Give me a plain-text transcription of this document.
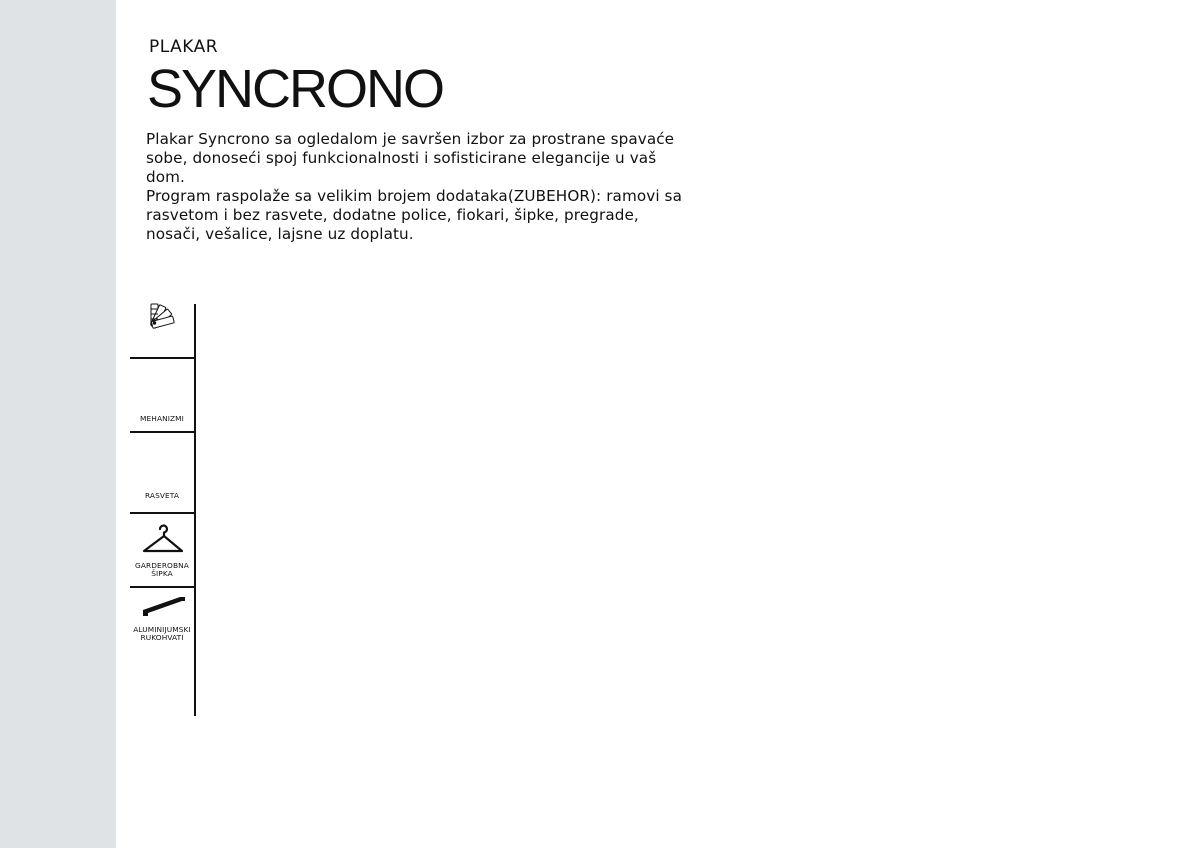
PLAKAR
SYNCRONO

Plakar Syncrono sa ogledalom je savršen izbor za prostrane spavaće sobe, donoseći spoj funkcionalnosti i sofisticirane elegancije u vaš dom.

Program raspolaže sa velikim brojem dodataka(ZUBEHOR): ramovi sa rasvetom i bez rasvete, dodatne police, fiokari, šipke, pregrade, nosači, vešalice, lajsne uz doplatu.

MEHANIZMI
RASVETA
GARDEROBNA ŠIPKA
ALUMINIJUMSKI RUKOHVATI
